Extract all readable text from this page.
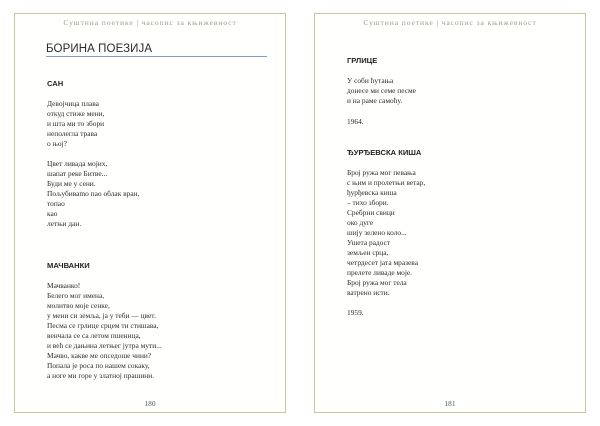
Суштина поетике | часопис за књижевност
БОРИНА ПОЕЗИЈА

САН

Девојчица плава
откуд стиже мени,
и шта ми то збори
неполегла трава
о њој?

Цвет ливада мојих,
шапат реке Битве...
Буди ме у сени.
Пољубиваmo пао облак вран,
топао
као
летњи дан.

МАЧВАНКИ

Мачванко!
Белего мог имена,
молитво моје сенке,
у мени си земља, ја у теби — цвет.
Песма се грлице срцем ти стишава,
венчала се са летом пшеница,
и већ се дањина летњег јутра мути...
Мачво, какве ме опседоше чини?
Попала је роса по нашем сокаку,
а ноге ми горе у златној прашини.

180
Суштина поетике | часопис за књижевност

ГРЛИЦЕ

У соби ћутања
донесе ми семе песме
и на раме самоћу.

1964.

ЂУРЂЕВСКА КИША

Број ружа мог певања
с њим и пролетњи ветар,
ђурђевска киша
– тихо збори.
Сребрни свици
око дуге
шију зелено коло...
Ушета радост
земљен срца,
четрдесет јата мразева
прелете ливаде моје.
Број ружа мог тела
ватрено исти.

1959.

181
